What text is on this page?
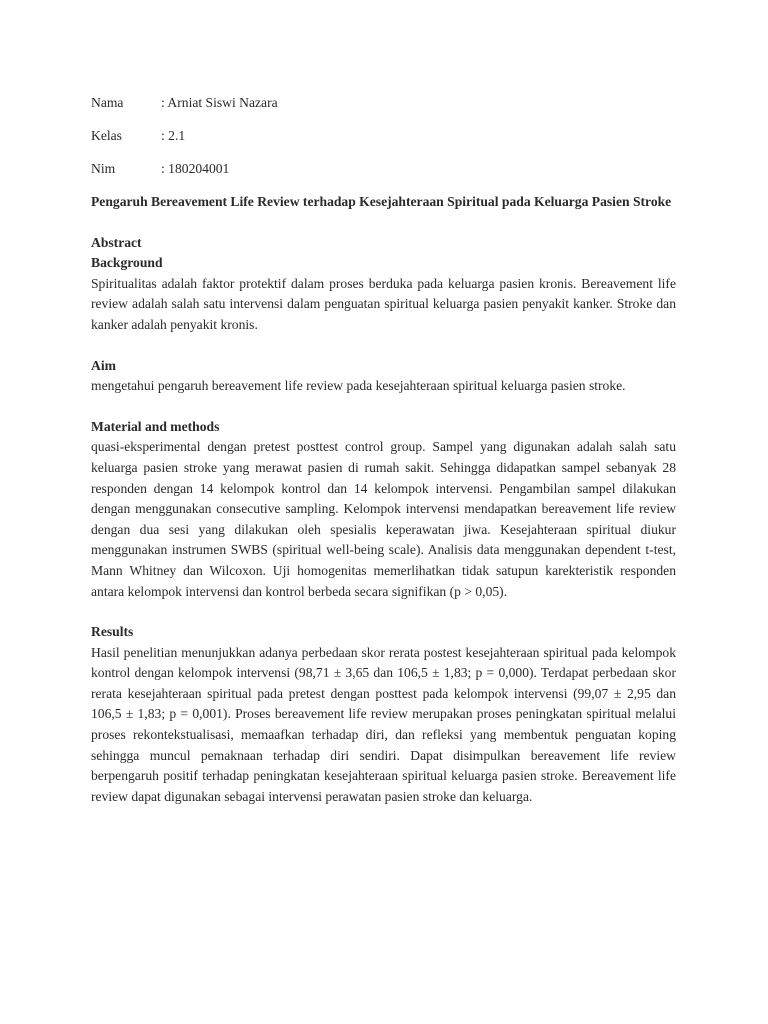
Nama	: Arniat Siswi Nazara
Kelas	: 2.1
Nim	: 180204001
Pengaruh Bereavement Life Review terhadap Kesejahteraan Spiritual pada Keluarga Pasien Stroke
Abstract
Background

Spiritualitas adalah faktor protektif dalam proses berduka pada keluarga pasien kronis. Bereavement life review adalah salah satu intervensi dalam penguatan spiritual keluarga pasien penyakit kanker. Stroke dan kanker adalah penyakit kronis.

Aim

mengetahui pengaruh bereavement life review pada kesejahteraan spiritual keluarga pasien stroke.

Material and methods

quasi-eksperimental dengan pretest posttest control group. Sampel yang digunakan adalah salah satu keluarga pasien stroke yang merawat pasien di rumah sakit. Sehingga didapatkan sampel sebanyak 28 responden dengan 14 kelompok kontrol dan 14 kelompok intervensi. Pengambilan sampel dilakukan dengan menggunakan consecutive sampling. Kelompok intervensi mendapatkan bereavement life review dengan dua sesi yang dilakukan oleh spesialis keperawatan jiwa. Kesejahteraan spiritual diukur menggunakan instrumen SWBS (spiritual well-being scale). Analisis data menggunakan dependent t-test, Mann Whitney dan Wilcoxon. Uji homogenitas memerlihatkan tidak satupun karekteristik responden antara kelompok intervensi dan kontrol berbeda secara signifikan (p > 0,05).

Results

Hasil penelitian menunjukkan adanya perbedaan skor rerata postest kesejahteraan spiritual pada kelompok kontrol dengan kelompok intervensi (98,71 ± 3,65 dan 106,5 ± 1,83; p = 0,000). Terdapat perbedaan skor rerata kesejahteraan spiritual pada pretest dengan posttest pada kelompok intervensi (99,07 ± 2,95 dan 106,5 ± 1,83; p = 0,001). Proses bereavement life review merupakan proses peningkatan spiritual melalui proses rekontekstualisasi, memaafkan terhadap diri, dan refleksi yang membentuk penguatan koping sehingga muncul pemaknaan terhadap diri sendiri. Dapat disimpulkan bereavement life review berpengaruh positif terhadap peningkatan kesejahteraan spiritual keluarga pasien stroke. Bereavement life review dapat digunakan sebagai intervensi perawatan pasien stroke dan keluarga.
